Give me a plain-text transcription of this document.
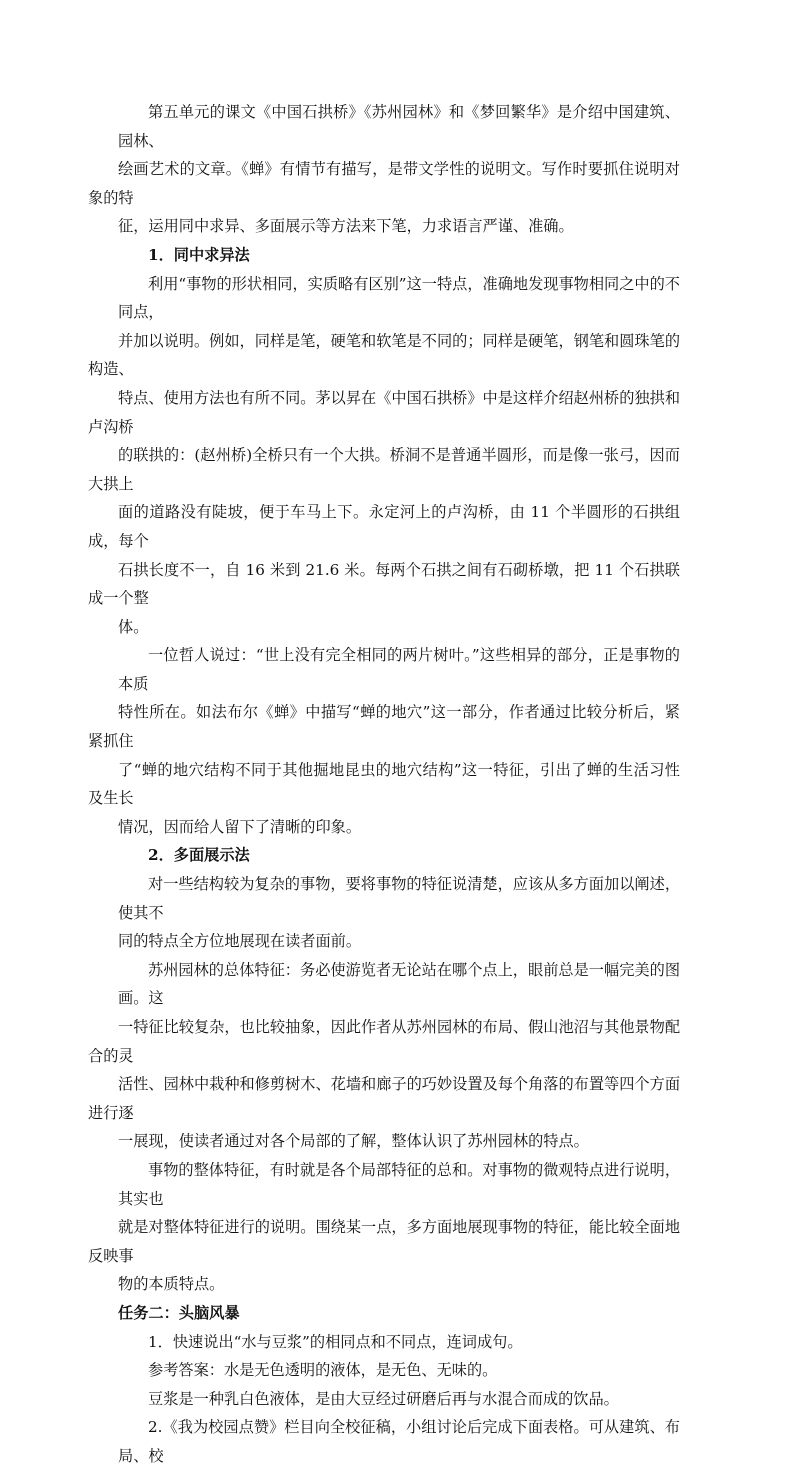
第五单元的课文《中国石拱桥》《苏州园林》和《梦回繁华》是介绍中国建筑、园林、
绘画艺术的文章。《蝉》有情节有描写，是带文学性的说明文。写作时要抓住说明对象的特
征，运用同中求异、多面展示等方法来下笔，力求语言严谨、准确。

1．同中求异法

利用“事物的形状相同，实质略有区别”这一特点，准确地发现事物相同之中的不同点，
并加以说明。例如，同样是笔，硬笔和软笔是不同的；同样是硬笔，钢笔和圆珠笔的构造、
特点、使用方法也有所不同。茅以昇在《中国石拱桥》中是这样介绍赵州桥的独拱和卢沟桥
的联拱的：(赵州桥)全桥只有一个大拱。桥洞不是普通半圆形，而是像一张弓，因而大拱上
面的道路没有陡坡，便于车马上下。永定河上的卢沟桥，由 11 个半圆形的石拱组成，每个
石拱长度不一，自 16 米到 21.6 米。每两个石拱之间有石砌桥墩，把 11 个石拱联成一个整
体。

一位哲人说过：“世上没有完全相同的两片树叶。”这些相异的部分，正是事物的本质
特性所在。如法布尔《蝉》中描写“蝉的地穴”这一部分，作者通过比较分析后，紧紧抓住
了“蝉的地穴结构不同于其他掘地昆虫的地穴结构”这一特征，引出了蝉的生活习性及生长
情况，因而给人留下了清晰的印象。

2．多面展示法

对一些结构较为复杂的事物，要将事物的特征说清楚，应该从多方面加以阐述，使其不
同的特点全方位地展现在读者面前。

苏州园林的总体特征：务必使游览者无论站在哪个点上，眼前总是一幅完美的图画。这
一特征比较复杂，也比较抽象，因此作者从苏州园林的布局、假山池沼与其他景物配合的灵
活性、园林中栽种和修剪树木、花墙和廊子的巧妙设置及每个角落的布置等四个方面进行逐
一展现，使读者通过对各个局部的了解，整体认识了苏州园林的特点。

事物的整体特征，有时就是各个局部特征的总和。对事物的微观特点进行说明，其实也
就是对整体特征进行的说明。围绕某一点，多方面地展现事物的特征，能比较全面地反映事
物的本质特点。

任务二：头脑风暴

1．快速说出“水与豆浆”的相同点和不同点，连词成句。

参考答案：水是无色透明的液体，是无色、无味的。

豆浆是一种乳白色液体，是由大豆经过研磨后再与水混合而成的饮品。

2.《我为校园点赞》栏目向全校征稿，小组讨论后完成下面表格。可从建筑、布局、校
